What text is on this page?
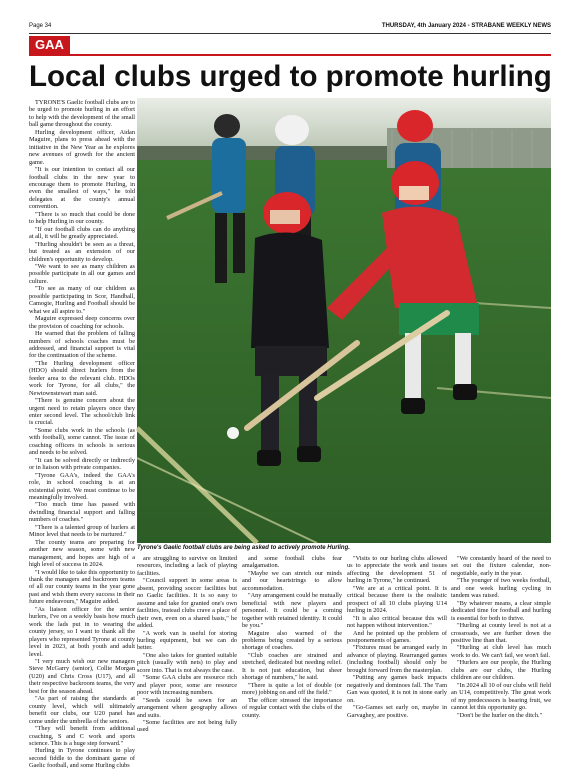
Page 34	THURSDAY, 4th January 2024 - STRABANE WEEKLY NEWS
GAA
Local clubs urged to promote hurling

TYRONE'S Gaelic football clubs are to be urged to promote hurling in an effort to help with the development of the small ball game throughout the county.

Hurling development officer, Aidan Maguire, plans to press ahead with the initiative in the New Year as he explores new avenues of growth for the ancient game.

"It is our intention to contact all our football clubs in the new year to encourage them to promote Hurling, in even the smallest of ways," he told delegates at the county's annual convention.

"There is so much that could be done to help Hurling in our county.

"If our football clubs can do anything at all, it will be greatly appreciated.

"Hurling shouldn't be seen as a threat, but treated as an extension of our children's opportunity to develop.

"We want to see as many children as possible participate in all our games and culture.

"To see as many of our children as possible participating in Scor, Handball, Camogie, Hurling and Football should be what we all aspire to."

Maguire expressed deep concerns over the provision of coaching for schools.

He warned that the problem of falling numbers of schools coaches must be addressed, and financial support is vital for the continuation of the scheme.

"The Hurling development officer (HDO) should direct hurlers from the feeder area to the relevant club. HDOs work for Tyrone, for all clubs," the Newtownstewart man said.

"There is genuine concern about the urgent need to retain players once they enter second level. The school/club link is crucial.

"Some clubs work in the schools (as with football), some cannot. The issue of coaching officers in schools is serious and needs to be solved.

"It can be solved directly or indirectly or in liaison with private companies.

"Tyrone GAA's, indeed the GAA's role, in school coaching is at an existential point. We must continue to be meaningfully involved.

"Too much time has passed with dwindling financial support and falling numbers of coaches."

"There is a talented group of hurlers at Minor level that needs to be nurtured."

The county teams are preparing for another new season, some with new management, and hopes are high of a high level of success in 2024.

"I would like to take this opportunity to thank the managers and backroom teams of all our county teams in the year gone past and wish them every success in their future endeavours," Maguire added.

"As liaison officer for the senior hurlers, I've on a weekly basis how much work the lads put in to wearing the county jersey, so I want to thank all the players who represented Tyrone at county level in 2023, at both youth and adult level.

"I very much wish our new managers Steve McGarry (senior), Collie Morgan (U20) and Chris Cross (U17), and all their respective backroom teams, the very best for the season ahead.

"As part of raising the standards at county level, which will ultimately benefit our clubs, our U20 panel has come under the umbrella of the seniors.

"They will benefit from additional coaching, S and C work and sports science. This is a huge step forward."

Hurling in Tyrone continues to play second fiddle to the dominant game of Gaelic football, and some Hurling clubs

Tyrone's Gaelic football clubs are being asked to actively promote Hurling.

are struggling to survive on limited resources, including a lack of playing facilities.

"Council support in some areas is absent, providing soccer facilities but no Gaelic facilities. It is so easy to assume and take for granted one's own facilities, instead clubs crave a place of their own, even on a shared basis," he added.

"A work van is useful for storing hurling equipment, but we can do better.

"One also takes for granted suitable pitch (usually with nets) to play and score into. That is not always the case.

"Some GAA clubs are resource rich and player poor, some are resource poor with increasing numbers.

"Seeds could be sown for an arrangement where geography allows and suits.

"Some facilities are not being fully used

and some football clubs fear amalgamation.

"Maybe we can stretch our minds and our heartstrings to allow accommodation.

"Any arrangement could be mutually beneficial with new players and personnel. It could be a coming together with retained identity. It could be you."

Maguire also warned of the problems being created by a serious shortage of coaches.

"Club coaches are strained and stretched, dedicated but needing relief. It is not just education, but sheer shortage of numbers," he said.

"There is quite a lot of double (or more) jobbing on and off the field."

The officer stressed the importance of regular contact with the clubs of the county.

"Visits to our hurling clubs allowed us to appreciate the work and issues affecting the development 51 of hurling in Tyrone," he continued.

"We are at a critical point. It is critical because there is the realistic prospect of all 10 clubs playing U14 hurling in 2024.

"It is also critical because this will not happen without intervention."

And he pointed up the problem of postponements of games.

"Fixtures must be arranged early in advance of playing. Rearranged games (including football) should only be brought forward from the masterplan.

"Putting any games back impacts negatively and dominoes fall. The 'I'am Gan was quoted, it is not in stone early on.

"Go-Games set early on, maybe in Garvaghey, are positive.

"We constantly heard of the need to set out the fixture calendar, non-negotiable, early in the year.

"The younger of two weeks football, and one week hurling cycling in tandem was raised.

"By whatever means, a clear simple dedicated time for football and hurling is essential for both to thrive.

"Hurling at county level is not at a crossroads, we are further down the positive line than that.

"Hurling at club level has much work to do. We can't fail, we won't fail.

"Hurlers are our people, the Hurling clubs are our clubs, the Hurling children are our children.

"In 2024 all 10 of our clubs will field an U14, competitively. The great work of my predecessors is bearing fruit, we cannot let this opportunity go.

"Don't be the hurler on the ditch."
